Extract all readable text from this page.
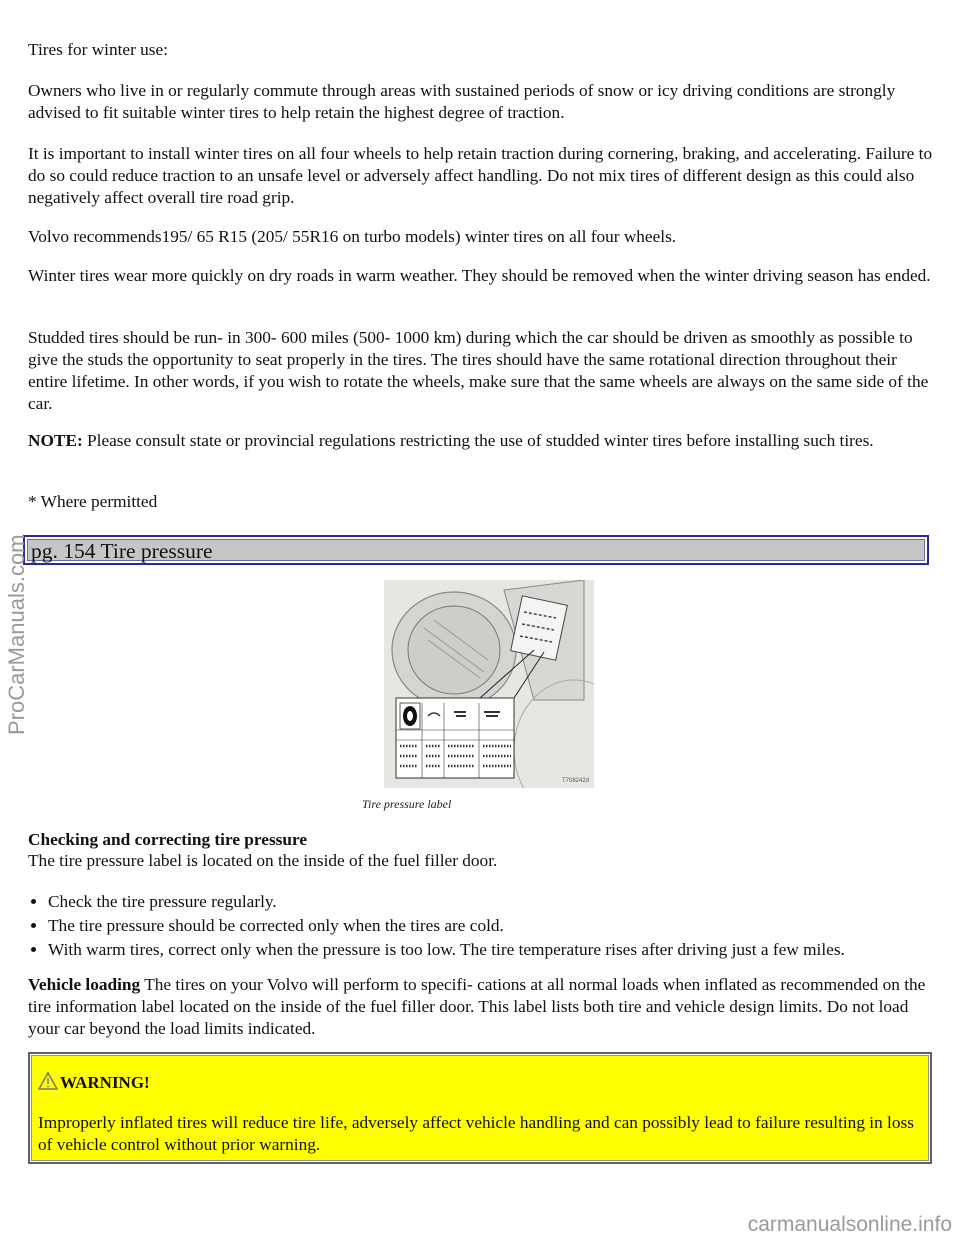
Tires for winter use:

Owners who live in or regularly commute through areas with sustained periods of snow or icy driving conditions are strongly advised to fit suitable winter tires to help retain the highest degree of traction.

It is important to install winter tires on all four wheels to help retain traction during cornering, braking, and accelerating. Failure to do so could reduce traction to an unsafe level or adversely affect handling. Do not mix tires of different design as this could also negatively affect overall tire road grip.

Volvo recommends195/ 65 R15 (205/ 55R16 on turbo models) winter tires on all four wheels.

Winter tires wear more quickly on dry roads in warm weather. They should be removed when the winter driving season has ended.

Studded tires should be run- in 300- 600 miles (500- 1000 km) during which the car should be driven as smoothly as possible to give the studs the opportunity to seat properly in the tires. The tires should have the same rotational direction throughout their entire lifetime. In other words, if you wish to rotate the wheels, make sure that the same wheels are always on the same side of the car.

NOTE: Please consult state or provincial regulations restricting the use of studded winter tires before installing such tires.

* Where permitted

pg. 154 Tire pressure
T708242d
Tire pressure label

Checking and correcting tire pressure

The tire pressure label is located on the inside of the fuel filler door.

• Check the tire pressure regularly.
• The tire pressure should be corrected only when the tires are cold.
• With warm tires, correct only when the pressure is too low. The tire temperature rises after driving just a few miles.

Vehicle loading The tires on your Volvo will perform to specifi- cations at all normal loads when inflated as recommended on the tire information label located on the inside of the fuel filler door. This label lists both tire and vehicle design limits. Do not load your car beyond the load limits indicated.

WARNING!

Improperly inflated tires will reduce tire life, adversely affect vehicle handling and can possibly lead to failure resulting in loss of vehicle control without prior warning.

ProCarManuals.com
carmanualsonline.info
